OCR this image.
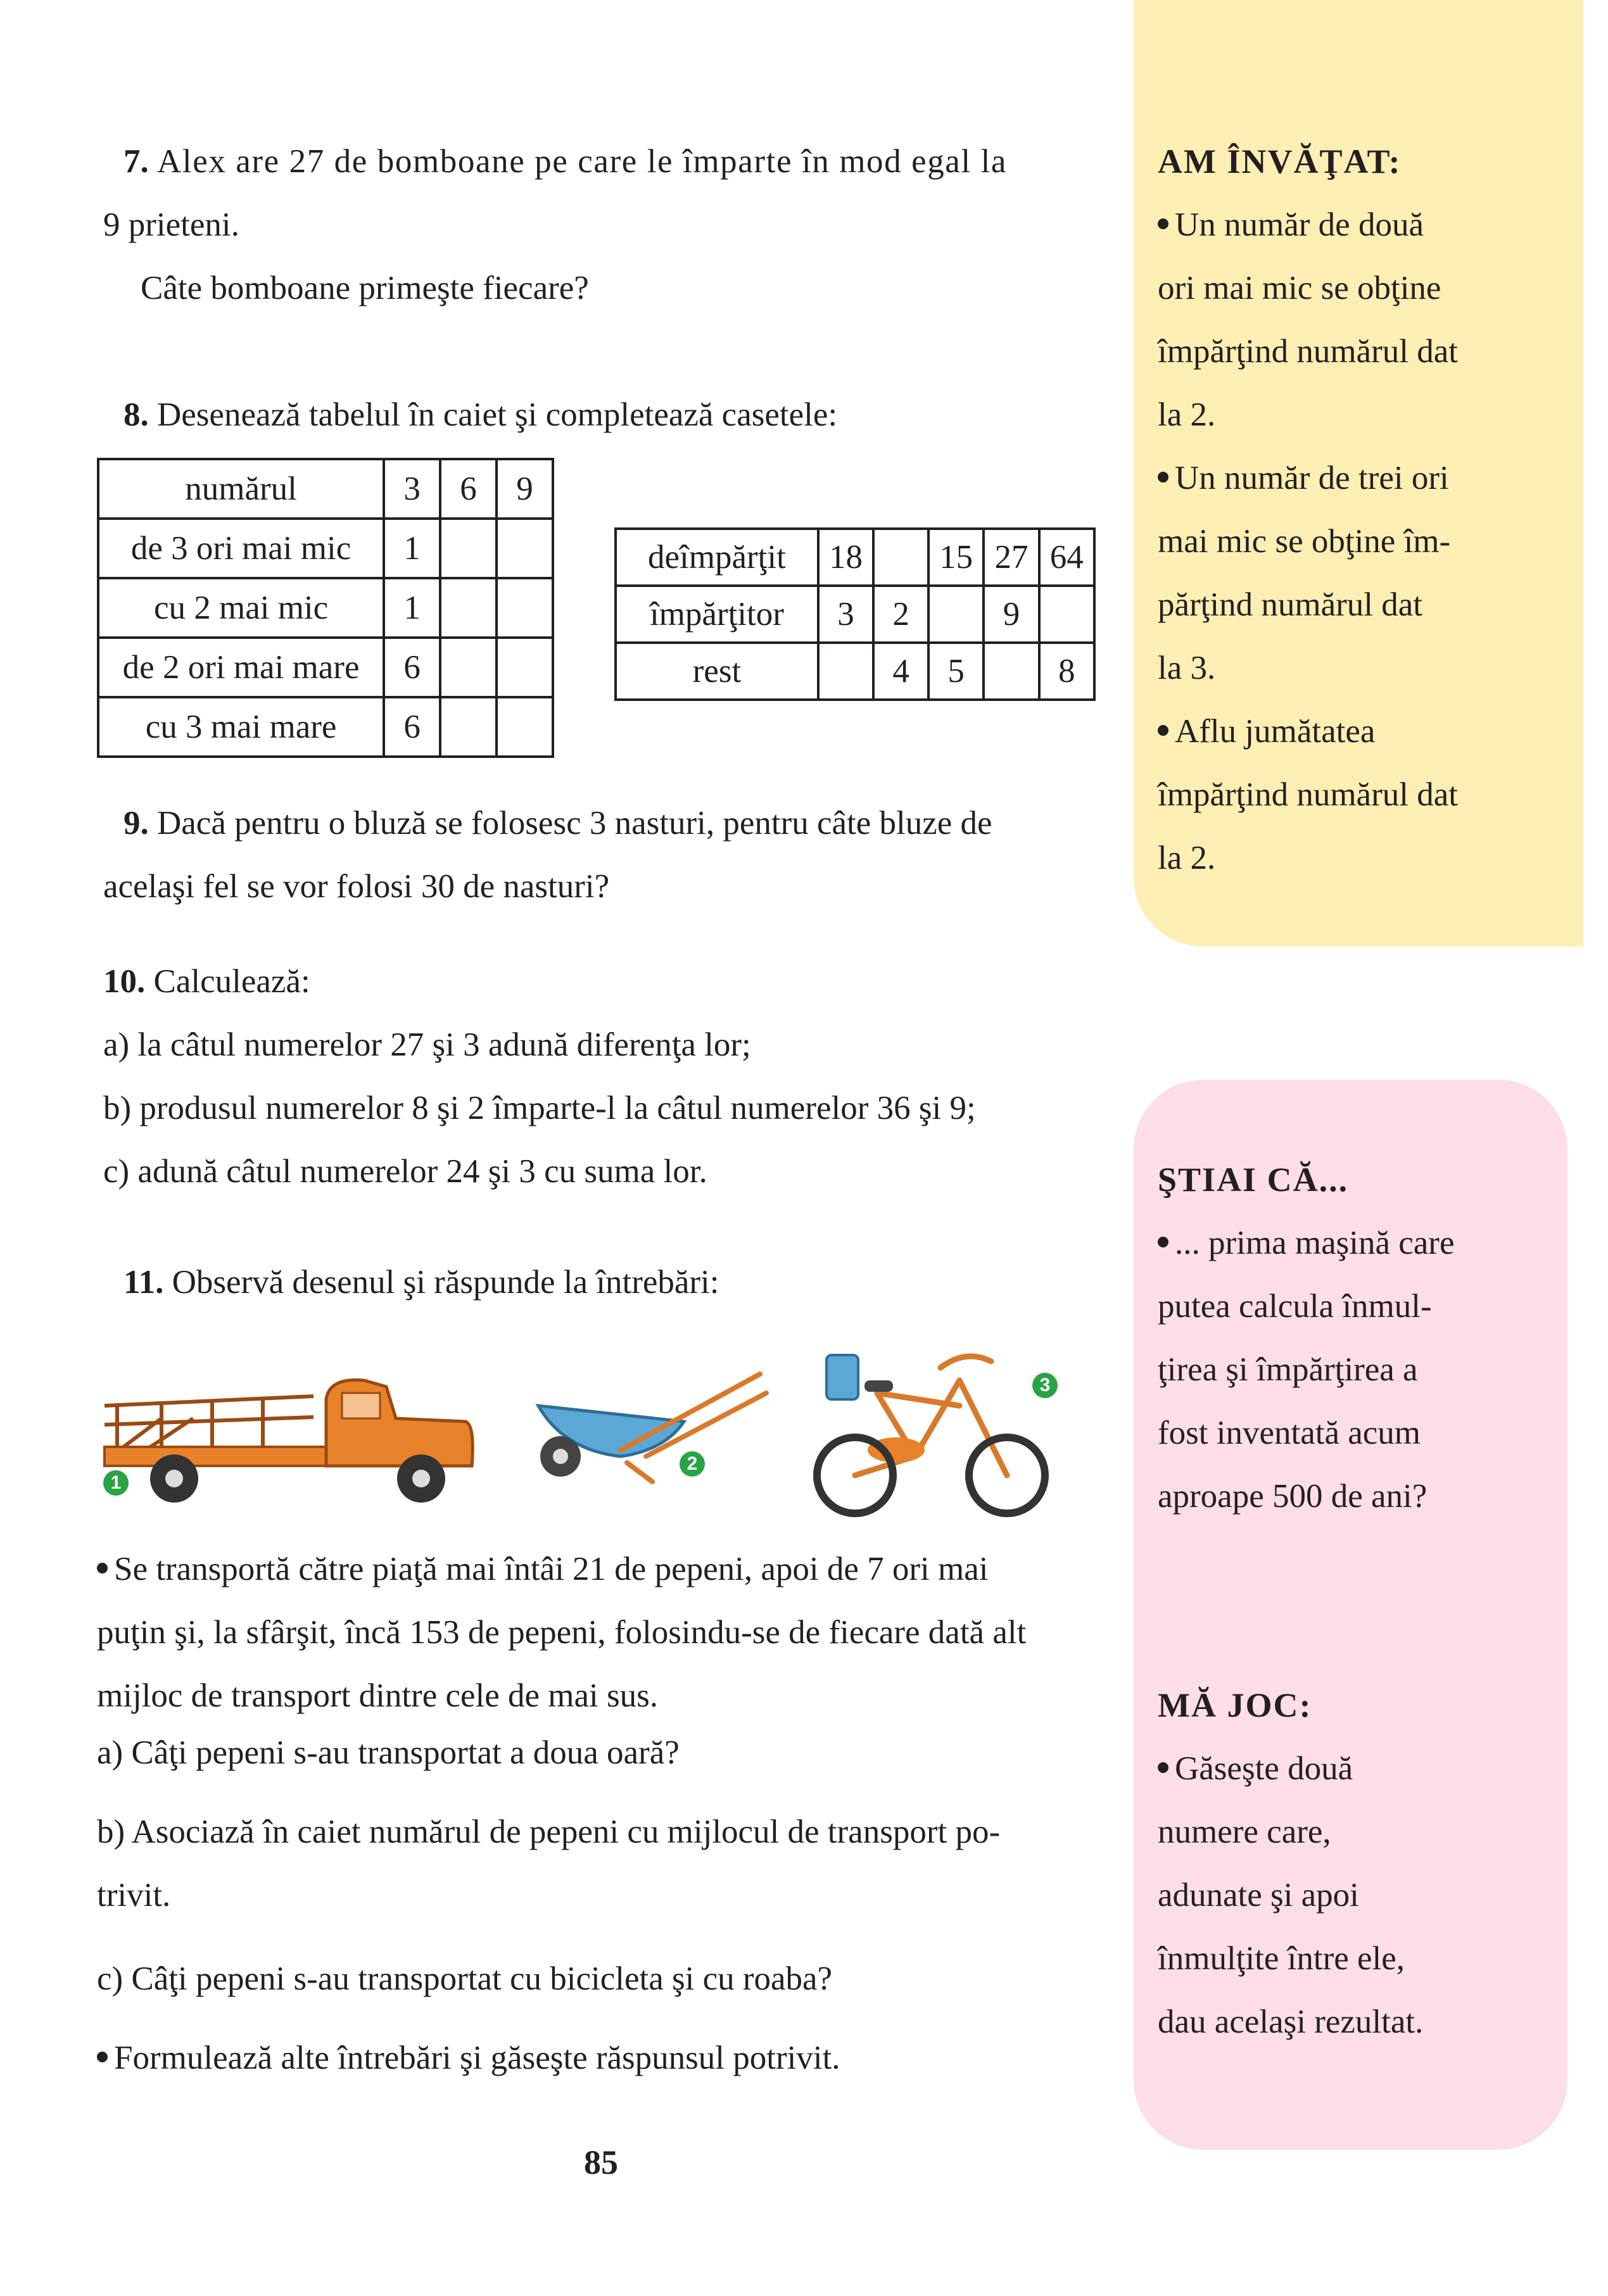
7. Alex are 27 de bomboane pe care le împarte în mod egal la
9 prieteni.
Câte bomboane primeşte fiecare?
8. Desenează tabelul în caiet şi completează casetele:
numărul	3	6	9
de 3 ori mai mic	1		
cu 2 mai mic	1		
de 2 ori mai mare	6		
cu 3 mai mare	6		
deîmpărţit	18		15	27	64
împărţitor	3	2		9	
rest		4	5		8
9. Dacă pentru o bluză se folosesc 3 nasturi, pentru câte bluze de
acelaşi fel se vor folosi 30 de nasturi?
10. Calculează:
a) la câtul numerelor 27 şi 3 adună diferenţa lor;
b) produsul numerelor 8 şi 2 împarte-l la câtul numerelor 36 şi 9;
c) adună câtul numerelor 24 şi 3 cu suma lor.
11. Observă desenul şi răspunde la întrebări:
1
2
3
Se transportă către piaţă mai întâi 21 de pepeni, apoi de 7 ori mai
puţin şi, la sfârşit, încă 153 de pepeni, folosindu-se de fiecare dată alt
mijloc de transport dintre cele de mai sus.
a) Câţi pepeni s-au transportat a doua oară?
b) Asociază în caiet numărul de pepeni cu mijlocul de transport po-
trivit.
c) Câţi pepeni s-au transportat cu bicicleta şi cu roaba?
Formulează alte întrebări şi găseşte răspunsul potrivit.
85
AM ÎNVĂŢAT:
Un număr de două
ori mai mic se obţine
împărţind numărul dat
la 2.
Un număr de trei ori
mai mic se obţine îm-
părţind numărul dat
la 3.
Aflu jumătatea
împărţind numărul dat
la 2.
ŞTIAI CĂ...
... prima maşină care
putea calcula înmul-
ţirea şi împărţirea a
fost inventată acum
aproape 500 de ani?
MĂ JOC:
Găseşte două
numere care,
adunate şi apoi
înmulţite între ele,
dau acelaşi rezultat.
